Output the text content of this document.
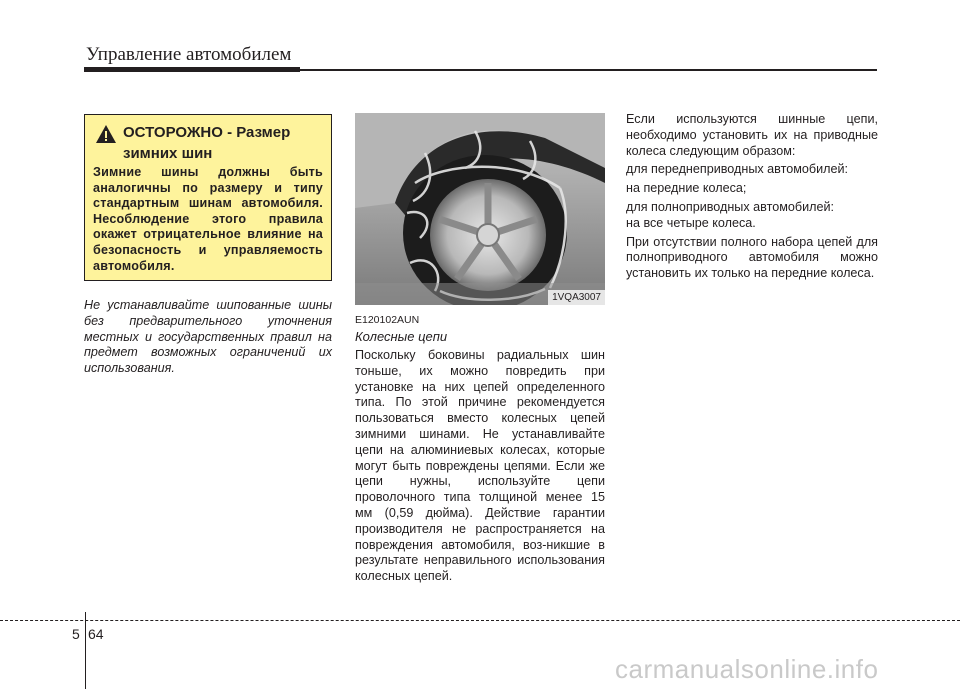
Управление автомобилем
ОСТОРОЖНО - Размер
зимних шин
Зимние шины должны быть аналогичны по размеру и типу стандартным шинам автомобиля. Несоблюдение этого правила окажет отрицательное влияние на безопасность и управляемость автомобиля.
Не устанавливайте шипованные шины без предварительного уточнения местных и государственных правил на предмет возможных ограничений их использования.
1VQA3007
E120102AUN
Колесные цепи
Поскольку боковины радиальных шин тоньше, их можно повредить при установке на них цепей определенного типа. По этой причине рекомендуется пользоваться вместо колесных цепей зимними шинами. Не устанавливайте цепи на алюминиевых колесах, которые могут быть повреждены цепями. Если же цепи нужны, используйте цепи проволочного типа толщиной менее 15 мм (0,59 дюйма). Действие гарантии производителя не распространяется на повреждения автомобиля, воз-никшие в результате неправильного использования колесных цепей.

Если используются шинные цепи, необходимо установить их на приводные колеса следующим образом:

для переднеприводных автомобилей:

на передние колеса;

для полноприводных автомобилей:

на все четыре колеса.

При отсутствии полного набора цепей для полноприводного автомобиля можно установить их только на передние колеса.

5 64
carmanualsonline.info
